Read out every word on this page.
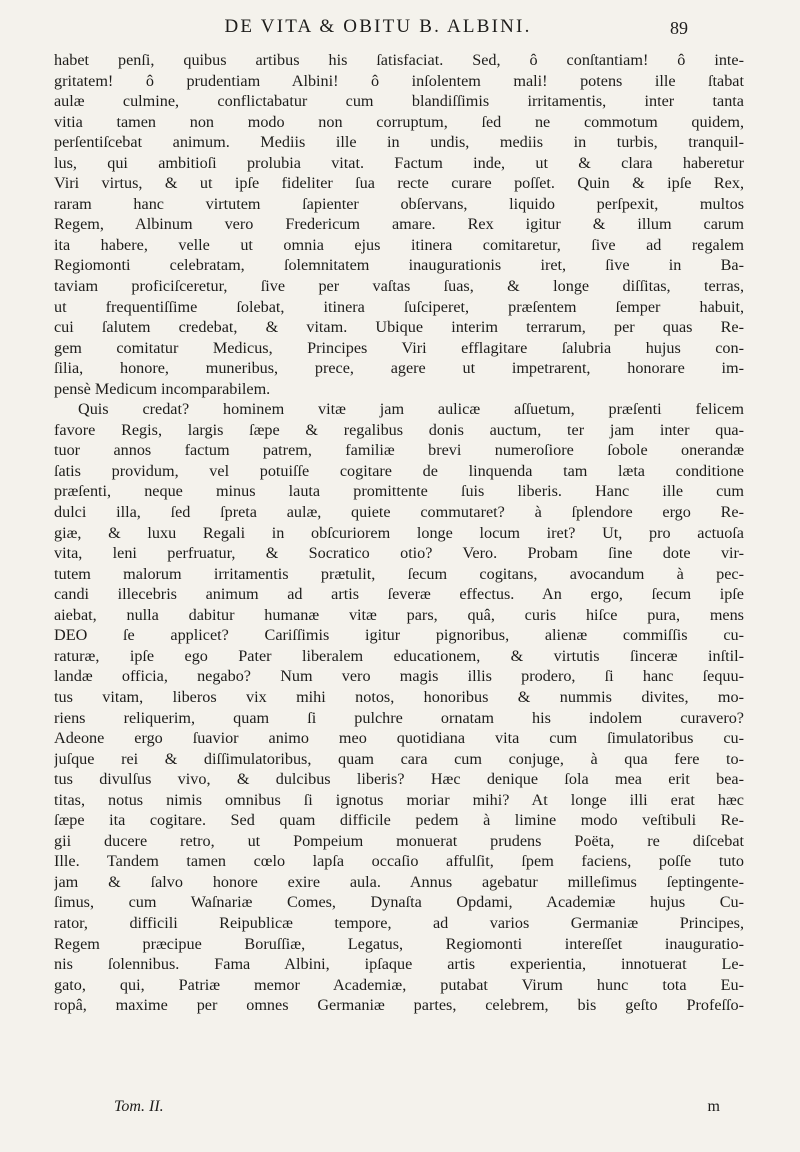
DE VITA & OBITU B. ALBINI.	89
habet penſi, quibus artibus his ſatisfaciat. Sed, ô conſtantiam! ô inte-
gritatem! ô prudentiam Albini! ô inſolentem mali! potens ille ſtabat
aulæ culmine, conflictabatur cum blandiſſimis irritamentis, inter tanta
vitia tamen non modo non corruptum, ſed ne commotum quidem,
perſentiſcebat animum. Mediis ille in undis, mediis in turbis, tranquil-
lus, qui ambitioſi prolubia vitat. Factum inde, ut & clara haberetur
Viri virtus, & ut ipſe fideliter ſua recte curare poſſet. Quin & ipſe Rex,
raram hanc virtutem ſapienter obſervans, liquido perſpexit, multos
Regem, Albinum vero Fredericum amare. Rex igitur & illum carum
ita habere, velle ut omnia ejus itinera comitaretur, ſive ad regalem
Regiomonti celebratam, ſolemnitatem inaugurationis iret, ſive in Ba-
taviam proficiſceretur, ſive per vaſtas ſuas, & longe diſſitas, terras,
ut frequentiſſime ſolebat, itinera ſuſciperet, præſentem ſemper habuit,
cui ſalutem credebat, & vitam. Ubique interim terrarum, per quas Re-
gem comitatur Medicus, Principes Viri efflagitare ſalubria hujus con-
ſilia, honore, muneribus, prece, agere ut impetrarent, honorare im-
pensè Medicum incomparabilem.
Quis credat? hominem vitæ jam aulicæ aſſuetum, præſenti felicem
favore Regis, largis ſæpe & regalibus donis auctum, ter jam inter qua-
tuor annos factum patrem, familiæ brevi numeroſiore ſobole onerandæ
ſatis providum, vel potuiſſe cogitare de linquenda tam læta conditione
præſenti, neque minus lauta promittente ſuis liberis. Hanc ille cum
dulci illa, ſed ſpreta aulæ, quiete commutaret? à ſplendore ergo Re-
giæ, & luxu Regali in obſcuriorem longe locum iret? Ut, pro actuoſa
vita, leni perfruatur, & Socratico otio? Vero. Probam ſine dote vir-
tutem malorum irritamentis prætulit, ſecum cogitans, avocandum à pec-
candi illecebris animum ad artis ſeveræ effectus. An ergo, ſecum ipſe
aiebat, nulla dabitur humanæ vitæ pars, quâ, curis hiſce pura, mens
DEO ſe applicet? Cariſſimis igitur pignoribus, alienæ commiſſis cu-
raturæ, ipſe ego Pater liberalem educationem, & virtutis ſinceræ inſtil-
landæ officia, negabo? Num vero magis illis prodero, ſi hanc ſequu-
tus vitam, liberos vix mihi notos, honoribus & nummis divites, mo-
riens reliquerim, quam ſi pulchre ornatam his indolem curavero?
Adeone ergo ſuavior animo meo quotidiana vita cum ſimulatoribus cu-
juſque rei & diſſimulatoribus, quam cara cum conjuge, à qua fere to-
tus divulſus vivo, & dulcibus liberis? Hæc denique ſola mea erit bea-
titas, notus nimis omnibus ſi ignotus moriar mihi? At longe illi erat hæc
ſæpe ita cogitare. Sed quam difficile pedem à limine modo veſtibuli Re-
gii ducere retro, ut Pompeium monuerat prudens Poëta, re diſcebat
Ille. Tandem tamen cœlo lapſa occaſio affulſit, ſpem faciens, poſſe tuto
jam & ſalvo honore exire aula. Annus agebatur milleſimus ſeptingente-
ſimus, cum Waſnariæ Comes, Dynaſta Opdami, Academiæ hujus Cu-
rator, difficili Reipublicæ tempore, ad varios Germaniæ Principes,
Regem præcipue Boruſſiæ, Legatus, Regiomonti intereſſet inauguratio-
nis ſolennibus. Fama Albini, ipſaque artis experientia, innotuerat Le-
gato, qui, Patriæ memor Academiæ, putabat Virum hunc tota Eu-
ropâ, maxime per omnes Germaniæ partes, celebrem, bis geſto Profeſſo-
Tom. II.	m
